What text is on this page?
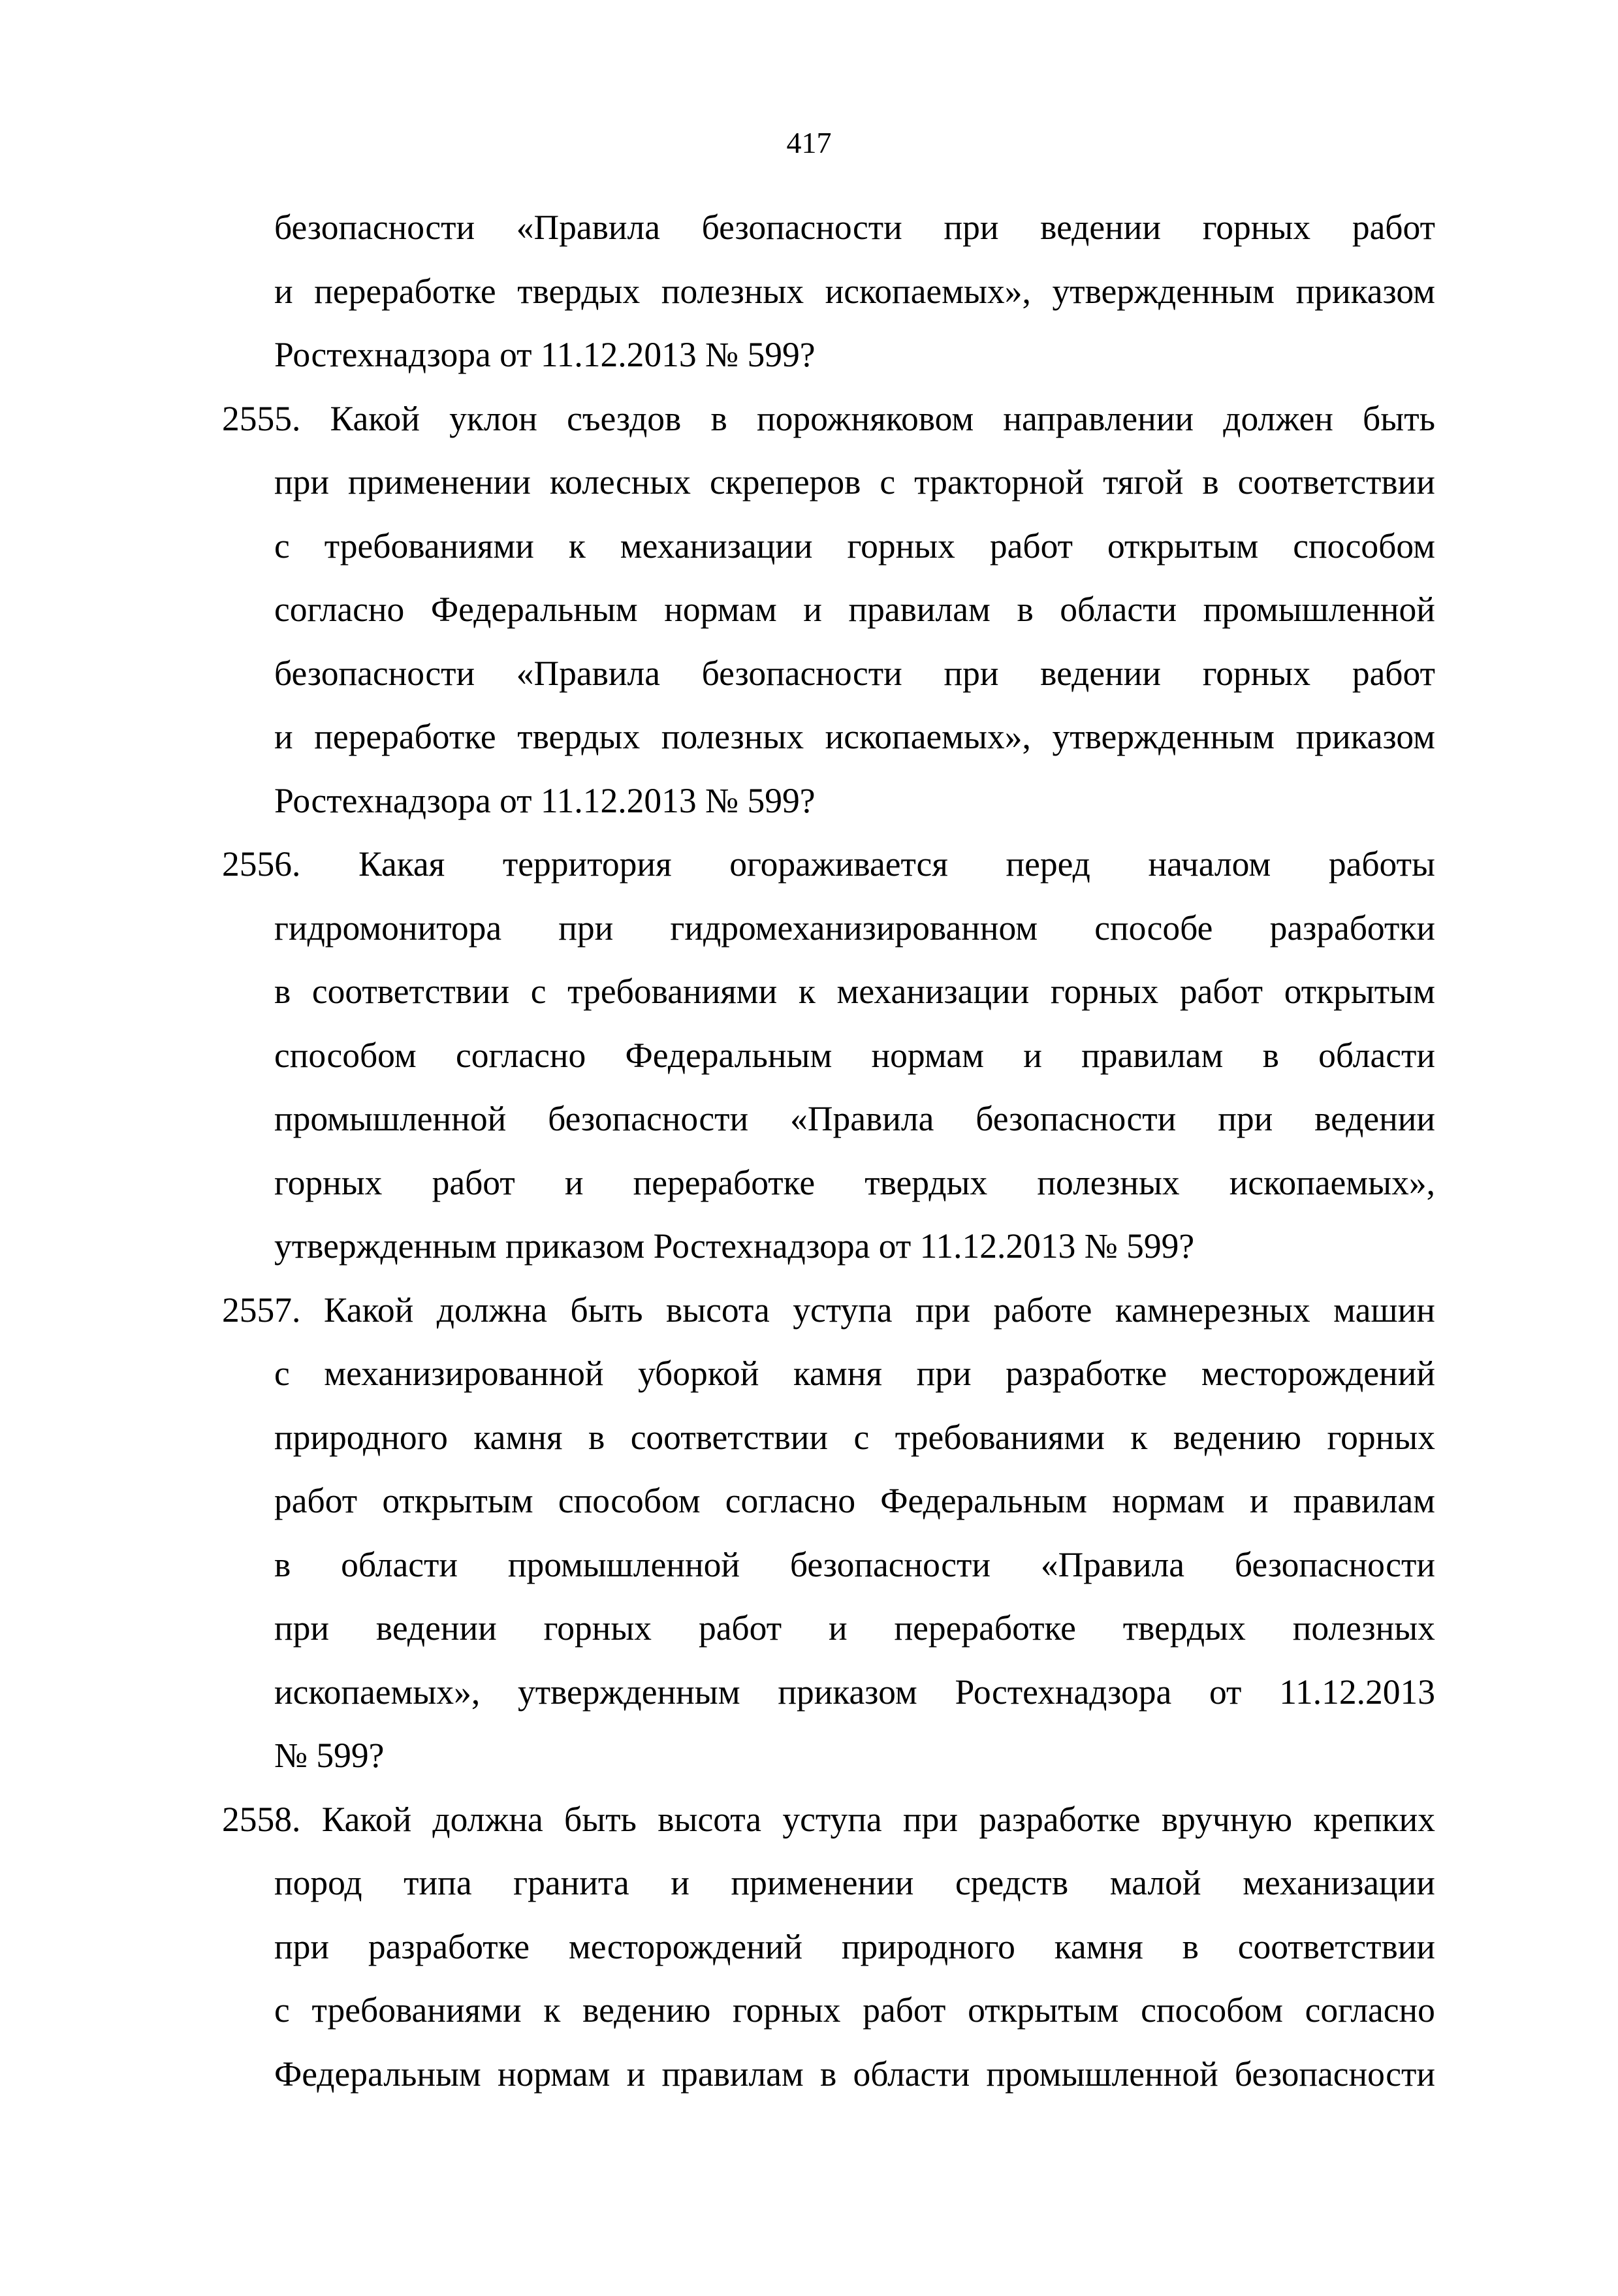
417
безопасности «Правила безопасности при ведении горных работ
и переработке твердых полезных ископаемых», утвержденным приказом
Ростехнадзора от 11.12.2013 № 599?
2555. Какой уклон съездов в порожняковом направлении должен быть
при применении колесных скреперов с тракторной тягой в соответствии
с требованиями к механизации горных работ открытым способом
согласно Федеральным нормам и правилам в области промышленной
безопасности «Правила безопасности при ведении горных работ
и переработке твердых полезных ископаемых», утвержденным приказом
Ростехнадзора от 11.12.2013 № 599?
2556. Какая территория огораживается перед началом работы
гидромонитора при гидромеханизированном способе разработки
в соответствии с требованиями к механизации горных работ открытым
способом согласно Федеральным нормам и правилам в области
промышленной безопасности «Правила безопасности при ведении
горных работ и переработке твердых полезных ископаемых»,
утвержденным приказом Ростехнадзора от 11.12.2013 № 599?
2557. Какой должна быть высота уступа при работе камнерезных машин
с механизированной уборкой камня при разработке месторождений
природного камня в соответствии с требованиями к ведению горных
работ открытым способом согласно Федеральным нормам и правилам
в области промышленной безопасности «Правила безопасности
при ведении горных работ и переработке твердых полезных
ископаемых», утвержденным приказом Ростехнадзора от 11.12.2013
№ 599?
2558. Какой должна быть высота уступа при разработке вручную крепких
пород типа гранита и применении средств малой механизации
при разработке месторождений природного камня в соответствии
с требованиями к ведению горных работ открытым способом согласно
Федеральным нормам и правилам в области промышленной безопасности
